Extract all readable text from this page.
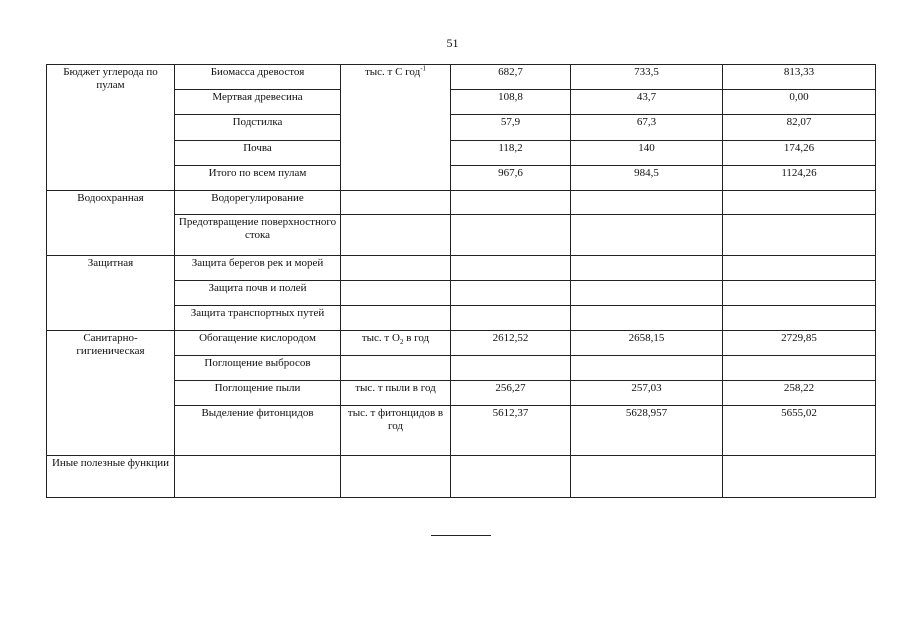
51
Бюджет углерода по пулам	Биомасса древостоя	тыс. т С год$^{-1}$	682,7	733,5	813,33
	Мертвая древесина		108,8	43,7	0,00
	Подстилка		57,9	67,3	82,07
	Почва		118,2	140	174,26
	Итого по всем пулам		967,6	984,5	1124,26
Водоохранная	Водорегулирование				
	Предотвращение поверхностного стока				
Защитная	Защита берегов рек и морей				
	Защита почв и полей				
	Защита транспортных путей				
Санитарно-гигиеническая	Обогащение кислородом	тыс. т $О_2$ в год	2612,52	2658,15	2729,85
	Поглощение выбросов				
	Поглощение пыли	тыс. т пыли в год	256,27	257,03	258,22
	Выделение фитонцидов	тыс. т фитонцидов в год	5612,37	5628,957	5655,02
Иные полезные функции					
